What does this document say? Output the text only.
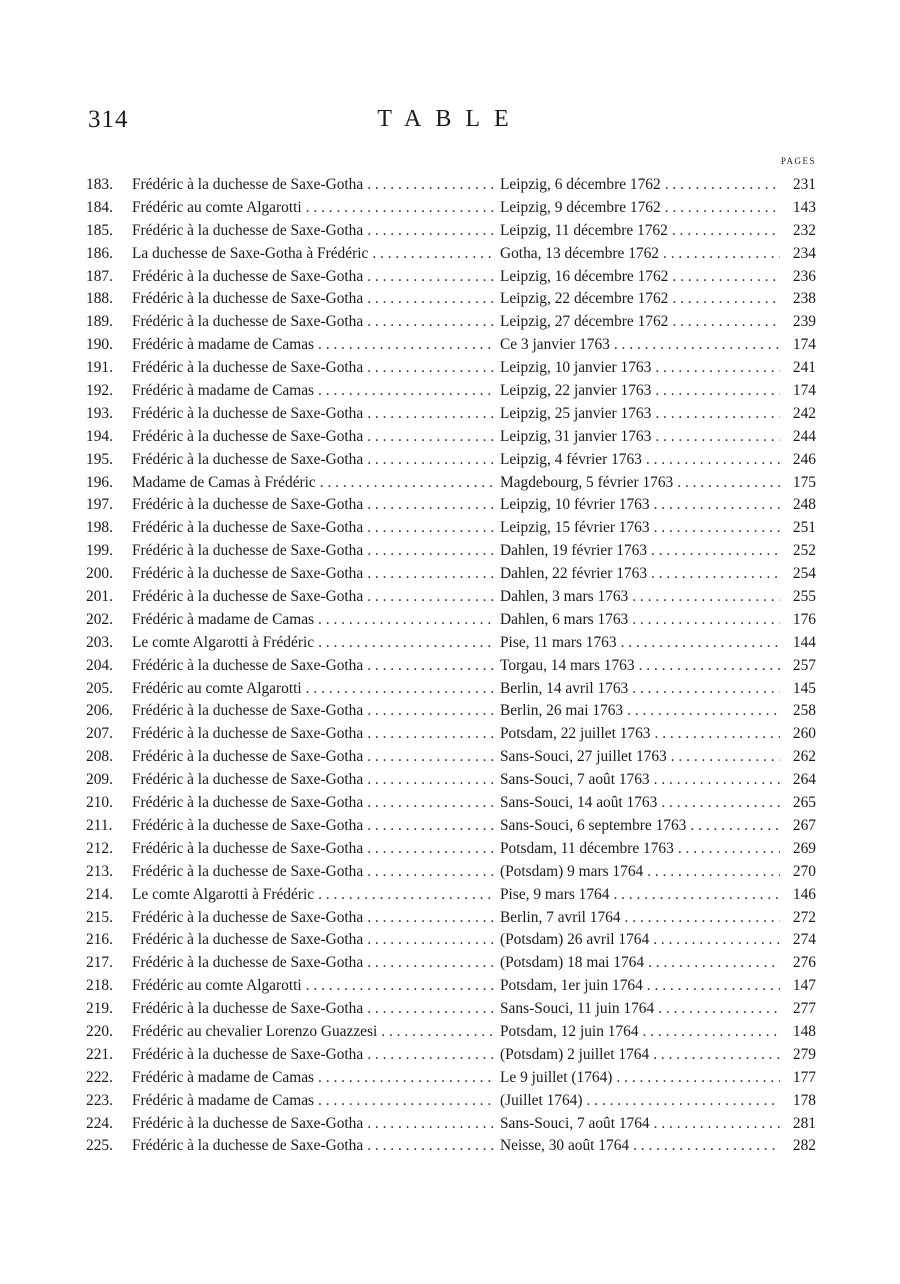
314	TABLE
PAGES
183.	Frédéric à la duchesse de Saxe-Gotha . . .	Leipzig, 6 décembre 1762 . . .	231
184.	Frédéric au comte Algarotti . . .	Leipzig, 9 décembre 1762 . . .	143
185.	Frédéric à la duchesse de Saxe-Gotha . . .	Leipzig, 11 décembre 1762 . . .	232
186.	La duchesse de Saxe-Gotha à Frédéric . . .	Gotha, 13 décembre 1762 . . .	234
187.	Frédéric à la duchesse de Saxe-Gotha . . .	Leipzig, 16 décembre 1762 . . .	236
188.	Frédéric à la duchesse de Saxe-Gotha . . .	Leipzig, 22 décembre 1762 . . .	238
189.	Frédéric à la duchesse de Saxe-Gotha . . .	Leipzig, 27 décembre 1762 . . .	239
190.	Frédéric à madame de Camas . . .	Ce 3 janvier 1763 . . .	174
191.	Frédéric à la duchesse de Saxe-Gotha . . .	Leipzig, 10 janvier 1763 . . .	241
192.	Frédéric à madame de Camas . . .	Leipzig, 22 janvier 1763 . . .	174
193.	Frédéric à la duchesse de Saxe-Gotha . . .	Leipzig, 25 janvier 1763 . . .	242
194.	Frédéric à la duchesse de Saxe-Gotha . . .	Leipzig, 31 janvier 1763 . . .	244
195.	Frédéric à la duchesse de Saxe-Gotha . . .	Leipzig, 4 février 1763 . . .	246
196.	Madame de Camas à Frédéric . . .	Magdebourg, 5 février 1763 . . .	175
197.	Frédéric à la duchesse de Saxe-Gotha . . .	Leipzig, 10 février 1763 . . .	248
198.	Frédéric à la duchesse de Saxe-Gotha . . .	Leipzig, 15 février 1763 . . .	251
199.	Frédéric à la duchesse de Saxe-Gotha . . .	Dahlen, 19 février 1763 . . .	252
200.	Frédéric à la duchesse de Saxe-Gotha . . .	Dahlen, 22 février 1763 . . .	254
201.	Frédéric à la duchesse de Saxe-Gotha . . .	Dahlen, 3 mars 1763 . . .	255
202.	Frédéric à madame de Camas . . .	Dahlen, 6 mars 1763 . . .	176
203.	Le comte Algarotti à Frédéric . . .	Pise, 11 mars 1763 . . .	144
204.	Frédéric à la duchesse de Saxe-Gotha . . .	Torgau, 14 mars 1763 . . .	257
205.	Frédéric au comte Algarotti . . .	Berlin, 14 avril 1763 . . .	145
206.	Frédéric à la duchesse de Saxe-Gotha . . .	Berlin, 26 mai 1763 . . .	258
207.	Frédéric à la duchesse de Saxe-Gotha . . .	Potsdam, 22 juillet 1763 . . .	260
208.	Frédéric à la duchesse de Saxe-Gotha . . .	Sans-Souci, 27 juillet 1763 . . .	262
209.	Frédéric à la duchesse de Saxe-Gotha . . .	Sans-Souci, 7 août 1763 . . .	264
210.	Frédéric à la duchesse de Saxe-Gotha . . .	Sans-Souci, 14 août 1763 . . .	265
211.	Frédéric à la duchesse de Saxe-Gotha . . .	Sans-Souci, 6 septembre 1763 . . .	267
212.	Frédéric à la duchesse de Saxe-Gotha . . .	Potsdam, 11 décembre 1763 . . .	269
213.	Frédéric à la duchesse de Saxe-Gotha . . .	(Potsdam) 9 mars 1764 . . .	270
214.	Le comte Algarotti à Frédéric . . .	Pise, 9 mars 1764 . . .	146
215.	Frédéric à la duchesse de Saxe-Gotha . . .	Berlin, 7 avril 1764 . . .	272
216.	Frédéric à la duchesse de Saxe-Gotha . . .	(Potsdam) 26 avril 1764 . . .	274
217.	Frédéric à la duchesse de Saxe-Gotha . . .	(Potsdam) 18 mai 1764 . . .	276
218.	Frédéric au comte Algarotti . . .	Potsdam, 1er juin 1764 . . .	147
219.	Frédéric à la duchesse de Saxe-Gotha . . .	Sans-Souci, 11 juin 1764 . . .	277
220.	Frédéric au chevalier Lorenzo Guazzesi . . .	Potsdam, 12 juin 1764 . . .	148
221.	Frédéric à la duchesse de Saxe-Gotha . . .	(Potsdam) 2 juillet 1764 . . .	279
222.	Frédéric à madame de Camas . . .	Le 9 juillet (1764) . . .	177
223.	Frédéric à madame de Camas . . .	(Juillet 1764) . . .	178
224.	Frédéric à la duchesse de Saxe-Gotha . . .	Sans-Souci, 7 août 1764 . . .	281
225.	Frédéric à la duchesse de Saxe-Gotha . . .	Neisse, 30 août 1764 . . .	282
